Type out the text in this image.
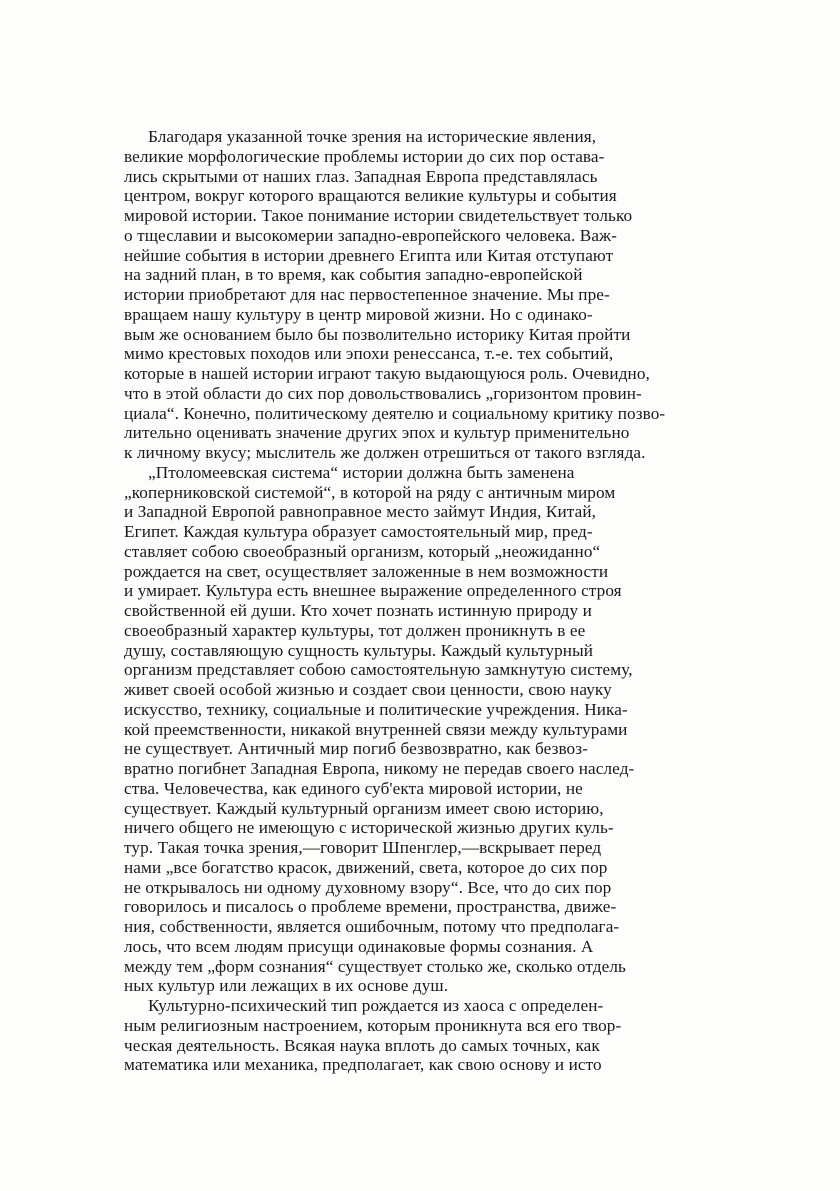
Благодаря указанной точке зрения на исторические явления,
великие морфологические проблемы истории до сих пор остава-
лись скрытыми от наших глаз. Западная Европа представлялась
центром, вокруг которого вращаются великие культуры и события
мировой истории. Такое понимание истории свидетельствует только
о тщеславии и высокомерии западно-европейского человека. Важ-
нейшие события в истории древнего Египта или Китая отступают
на задний план, в то время, как события западно-европейской
истории приобретают для нас первостепенное значение. Мы пре-
вращаем нашу культуру в центр мировой жизни. Но с одинако-
вым же основанием было бы позволительно историку Китая пройти
мимо крестовых походов или эпохи ренессанса, т.-е. тех событий,
которые в нашей истории играют такую выдающуюся роль. Очевидно,
что в этой области до сих пор довольствовались „горизонтом провин-
циала“. Конечно, политическому деятелю и социальному критику позво-
лительно оценивать значение других эпох и культур применительно
к личному вкусу; мыслитель же должен отрешиться от такого взгляда.
„Птоломеевская система“ истории должна быть заменена
„коперниковской системой“, в которой на ряду с античным миром
и Западной Европой равноправное место займут Индия, Китай,
Египет. Каждая культура образует самостоятельный мир, пред-
ставляет собою своеобразный организм, который „неожиданно“
рождается на свет, осуществляет заложенные в нем возможности
и умирает. Культура есть внешнее выражение определенного строя
свойственной ей души. Кто хочет познать истинную природу и
своеобразный характер культуры, тот должен проникнуть в ее
душу, составляющую сущность культуры. Каждый культурный
организм представляет собою самостоятельную замкнутую систему,
живет своей особой жизнью и создает свои ценности, свою науку
искусство, технику, социальные и политические учреждения. Ника-
кой преемственности, никакой внутренней связи между культурами
не существует. Античный мир погиб безвозвратно, как безвоз-
вратно погибнет Западная Европа, никому не передав своего наслед-
ства. Человечества, как единого суб'екта мировой истории, не
существует. Каждый культурный организм имеет свою историю,
ничего общего не имеющую с исторической жизнью других куль-
тур. Такая точка зрения,—говорит Шпенглер,—вскрывает перед
нами „все богатство красок, движений, света, которое до сих пор
не открывалось ни одному духовному взору“. Все, что до сих пор
говорилось и писалось о проблеме времени, пространства, движе-
ния, собственности, является ошибочным, потому что предполага-
лось, что всем людям присущи одинаковые формы сознания. А
между тем „форм сознания“ существует столько же, сколько отдель
ных культур или лежащих в их основе душ.
Культурно-психический тип рождается из хаоса с определен-
ным религиозным настроением, которым проникнута вся его твор-
ческая деятельность. Всякая наука вплоть до самых точных, как
математика или механика, предполагает, как свою основу и исто
